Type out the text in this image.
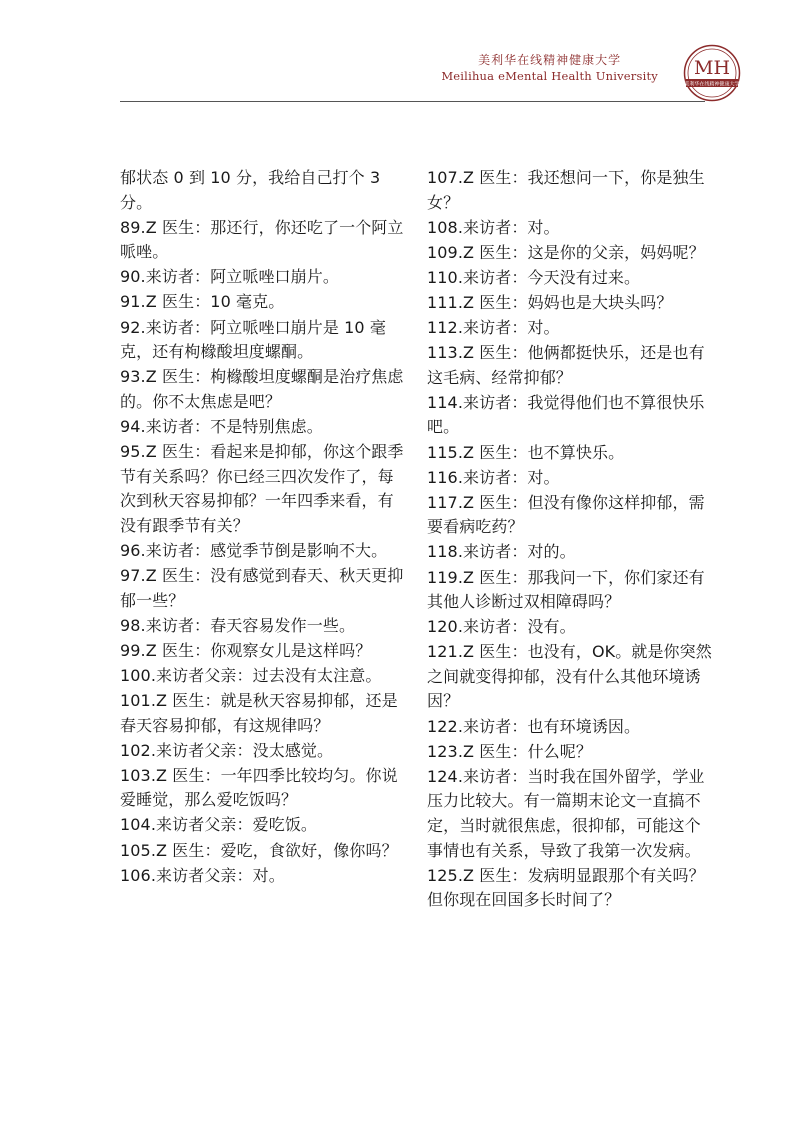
美利华在线精神健康大学
Meilihua eMental Health University MH
美利华在线精神健康大学

郁状态 0 到 10 分，我给自己打个 3 分。

89.Z 医生：那还行，你还吃了一个阿立哌唑。

90.来访者：阿立哌唑口崩片。

91.Z 医生：10 毫克。

92.来访者：阿立哌唑口崩片是 10 毫克，还有枸橼酸坦度螺酮。

93.Z 医生：枸橼酸坦度螺酮是治疗焦虑的。你不太焦虑是吧？

94.来访者：不是特别焦虑。

95.Z 医生：看起来是抑郁，你这个跟季节有关系吗？你已经三四次发作了，每次到秋天容易抑郁？一年四季来看，有没有跟季节有关？

96.来访者：感觉季节倒是影响不大。

97.Z 医生：没有感觉到春天、秋天更抑郁一些？

98.来访者：春天容易发作一些。

99.Z 医生：你观察女儿是这样吗？

100.来访者父亲：过去没有太注意。

101.Z 医生：就是秋天容易抑郁，还是春天容易抑郁，有这规律吗？

102.来访者父亲：没太感觉。

103.Z 医生：一年四季比较均匀。你说爱睡觉，那么爱吃饭吗？

104.来访者父亲：爱吃饭。

105.Z 医生：爱吃，食欲好，像你吗？

106.来访者父亲：对。

107.Z 医生：我还想问一下，你是独生女？

108.来访者：对。

109.Z 医生：这是你的父亲，妈妈呢？

110.来访者：今天没有过来。

111.Z 医生：妈妈也是大块头吗？

112.来访者：对。

113.Z 医生：他俩都挺快乐，还是也有这毛病、经常抑郁？

114.来访者：我觉得他们也不算很快乐吧。

115.Z 医生：也不算快乐。

116.来访者：对。

117.Z 医生：但没有像你这样抑郁，需要看病吃药？

118.来访者：对的。

119.Z 医生：那我问一下，你们家还有其他人诊断过双相障碍吗？

120.来访者：没有。

121.Z 医生：也没有，OK。就是你突然之间就变得抑郁，没有什么其他环境诱因？

122.来访者：也有环境诱因。

123.Z 医生：什么呢？

124.来访者：当时我在国外留学，学业压力比较大。有一篇期末论文一直搞不定，当时就很焦虑，很抑郁，可能这个事情也有关系，导致了我第一次发病。

125.Z 医生：发病明显跟那个有关吗？但你现在回国多长时间了？
